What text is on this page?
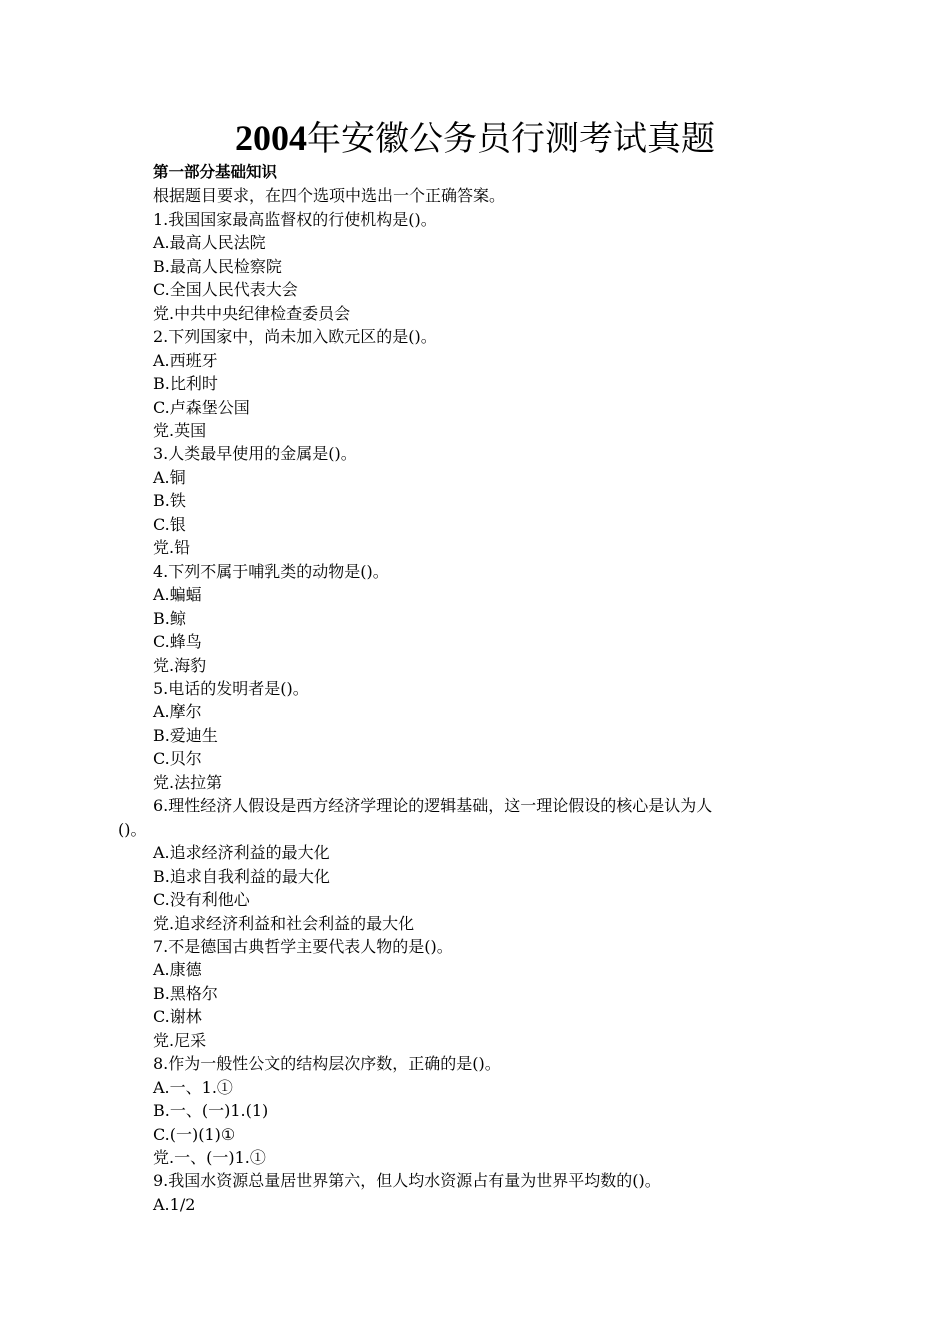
2004年安徽公务员行测考试真题
第一部分基础知识
根据题目要求，在四个选项中选出一个正确答案。
1.我国国家最高监督权的行使机构是()。
A.最高人民法院
B.最高人民检察院
C.全国人民代表大会
党.中共中央纪律检查委员会
2.下列国家中，尚未加入欧元区的是()。
A.西班牙
B.比利时
C.卢森堡公国
党.英国
3.人类最早使用的金属是()。
A.铜
B.铁
C.银
党.铅
4.下列不属于哺乳类的动物是()。
A.蝙蝠
B.鲸
C.蜂鸟
党.海豹
5.电话的发明者是()。
A.摩尔
B.爱迪生
C.贝尔
党.法拉第
6.理性经济人假设是西方经济学理论的逻辑基础，这一理论假设的核心是认为人
()。
A.追求经济利益的最大化
B.追求自我利益的最大化
C.没有利他心
党.追求经济利益和社会利益的最大化
7.不是德国古典哲学主要代表人物的是()。
A.康德
B.黑格尔
C.谢林
党.尼采
8.作为一般性公文的结构层次序数，正确的是()。
A.一、1.①
B.一、(一)1.(1)
C.(一)(1)①
党.一、(一)1.①
9.我国水资源总量居世界第六，但人均水资源占有量为世界平均数的()。
A.1/2
